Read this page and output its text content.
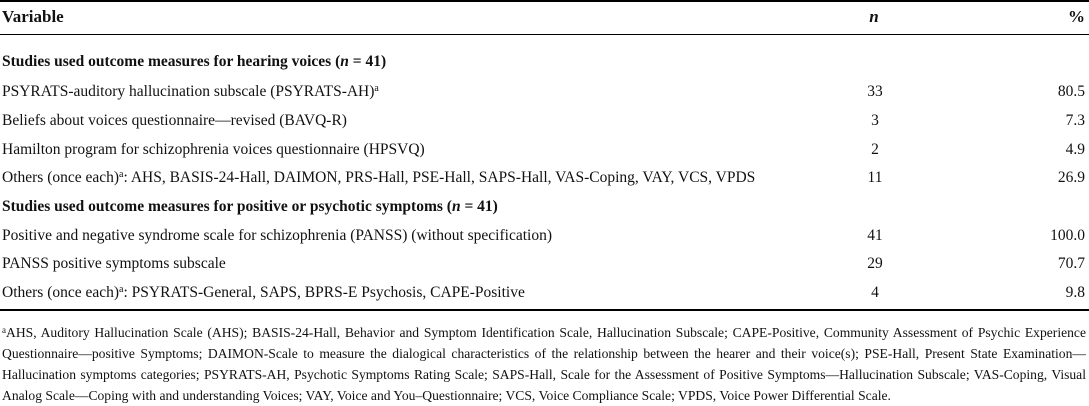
Variable	n	%
Studies used outcome measures for hearing voices (n = 41)
PSYRATS-auditory hallucination subscale (PSYRATS-AH)$^a$	33	80.5
Beliefs about voices questionnaire—revised (BAVQ-R)	3	7.3
Hamilton program for schizophrenia voices questionnaire (HPSVQ)	2	4.9
Others (once each)$^a$: AHS, BASIS-24-Hall, DAIMON, PRS-Hall, PSE-Hall, SAPS-Hall, VAS-Coping, VAY, VCS, VPDS	11	26.9
Studies used outcome measures for positive or psychotic symptoms (n = 41)
Positive and negative syndrome scale for schizophrenia (PANSS) (without specification)	41	100.0
PANSS positive symptoms subscale	29	70.7
Others (once each)$^a$: PSYRATS-General, SAPS, BPRS-E Psychosis, CAPE-Positive	4	9.8
$^a$AHS, Auditory Hallucination Scale (AHS); BASIS-24-Hall, Behavior and Symptom Identification Scale, Hallucination Subscale; CAPE-Positive, Community Assessment of Psychic Experience Questionnaire—positive Symptoms; DAIMON-Scale to measure the dialogical characteristics of the relationship between the hearer and their voice(s); PSE-Hall, Present State Examination—Hallucination symptoms categories; PSYRATS-AH, Psychotic Symptoms Rating Scale; SAPS-Hall, Scale for the Assessment of Positive Symptoms—Hallucination Subscale; VAS-Coping, Visual Analog Scale—Coping with and understanding Voices; VAY, Voice and You–Questionnaire; VCS, Voice Compliance Scale; VPDS, Voice Power Differential Scale.
